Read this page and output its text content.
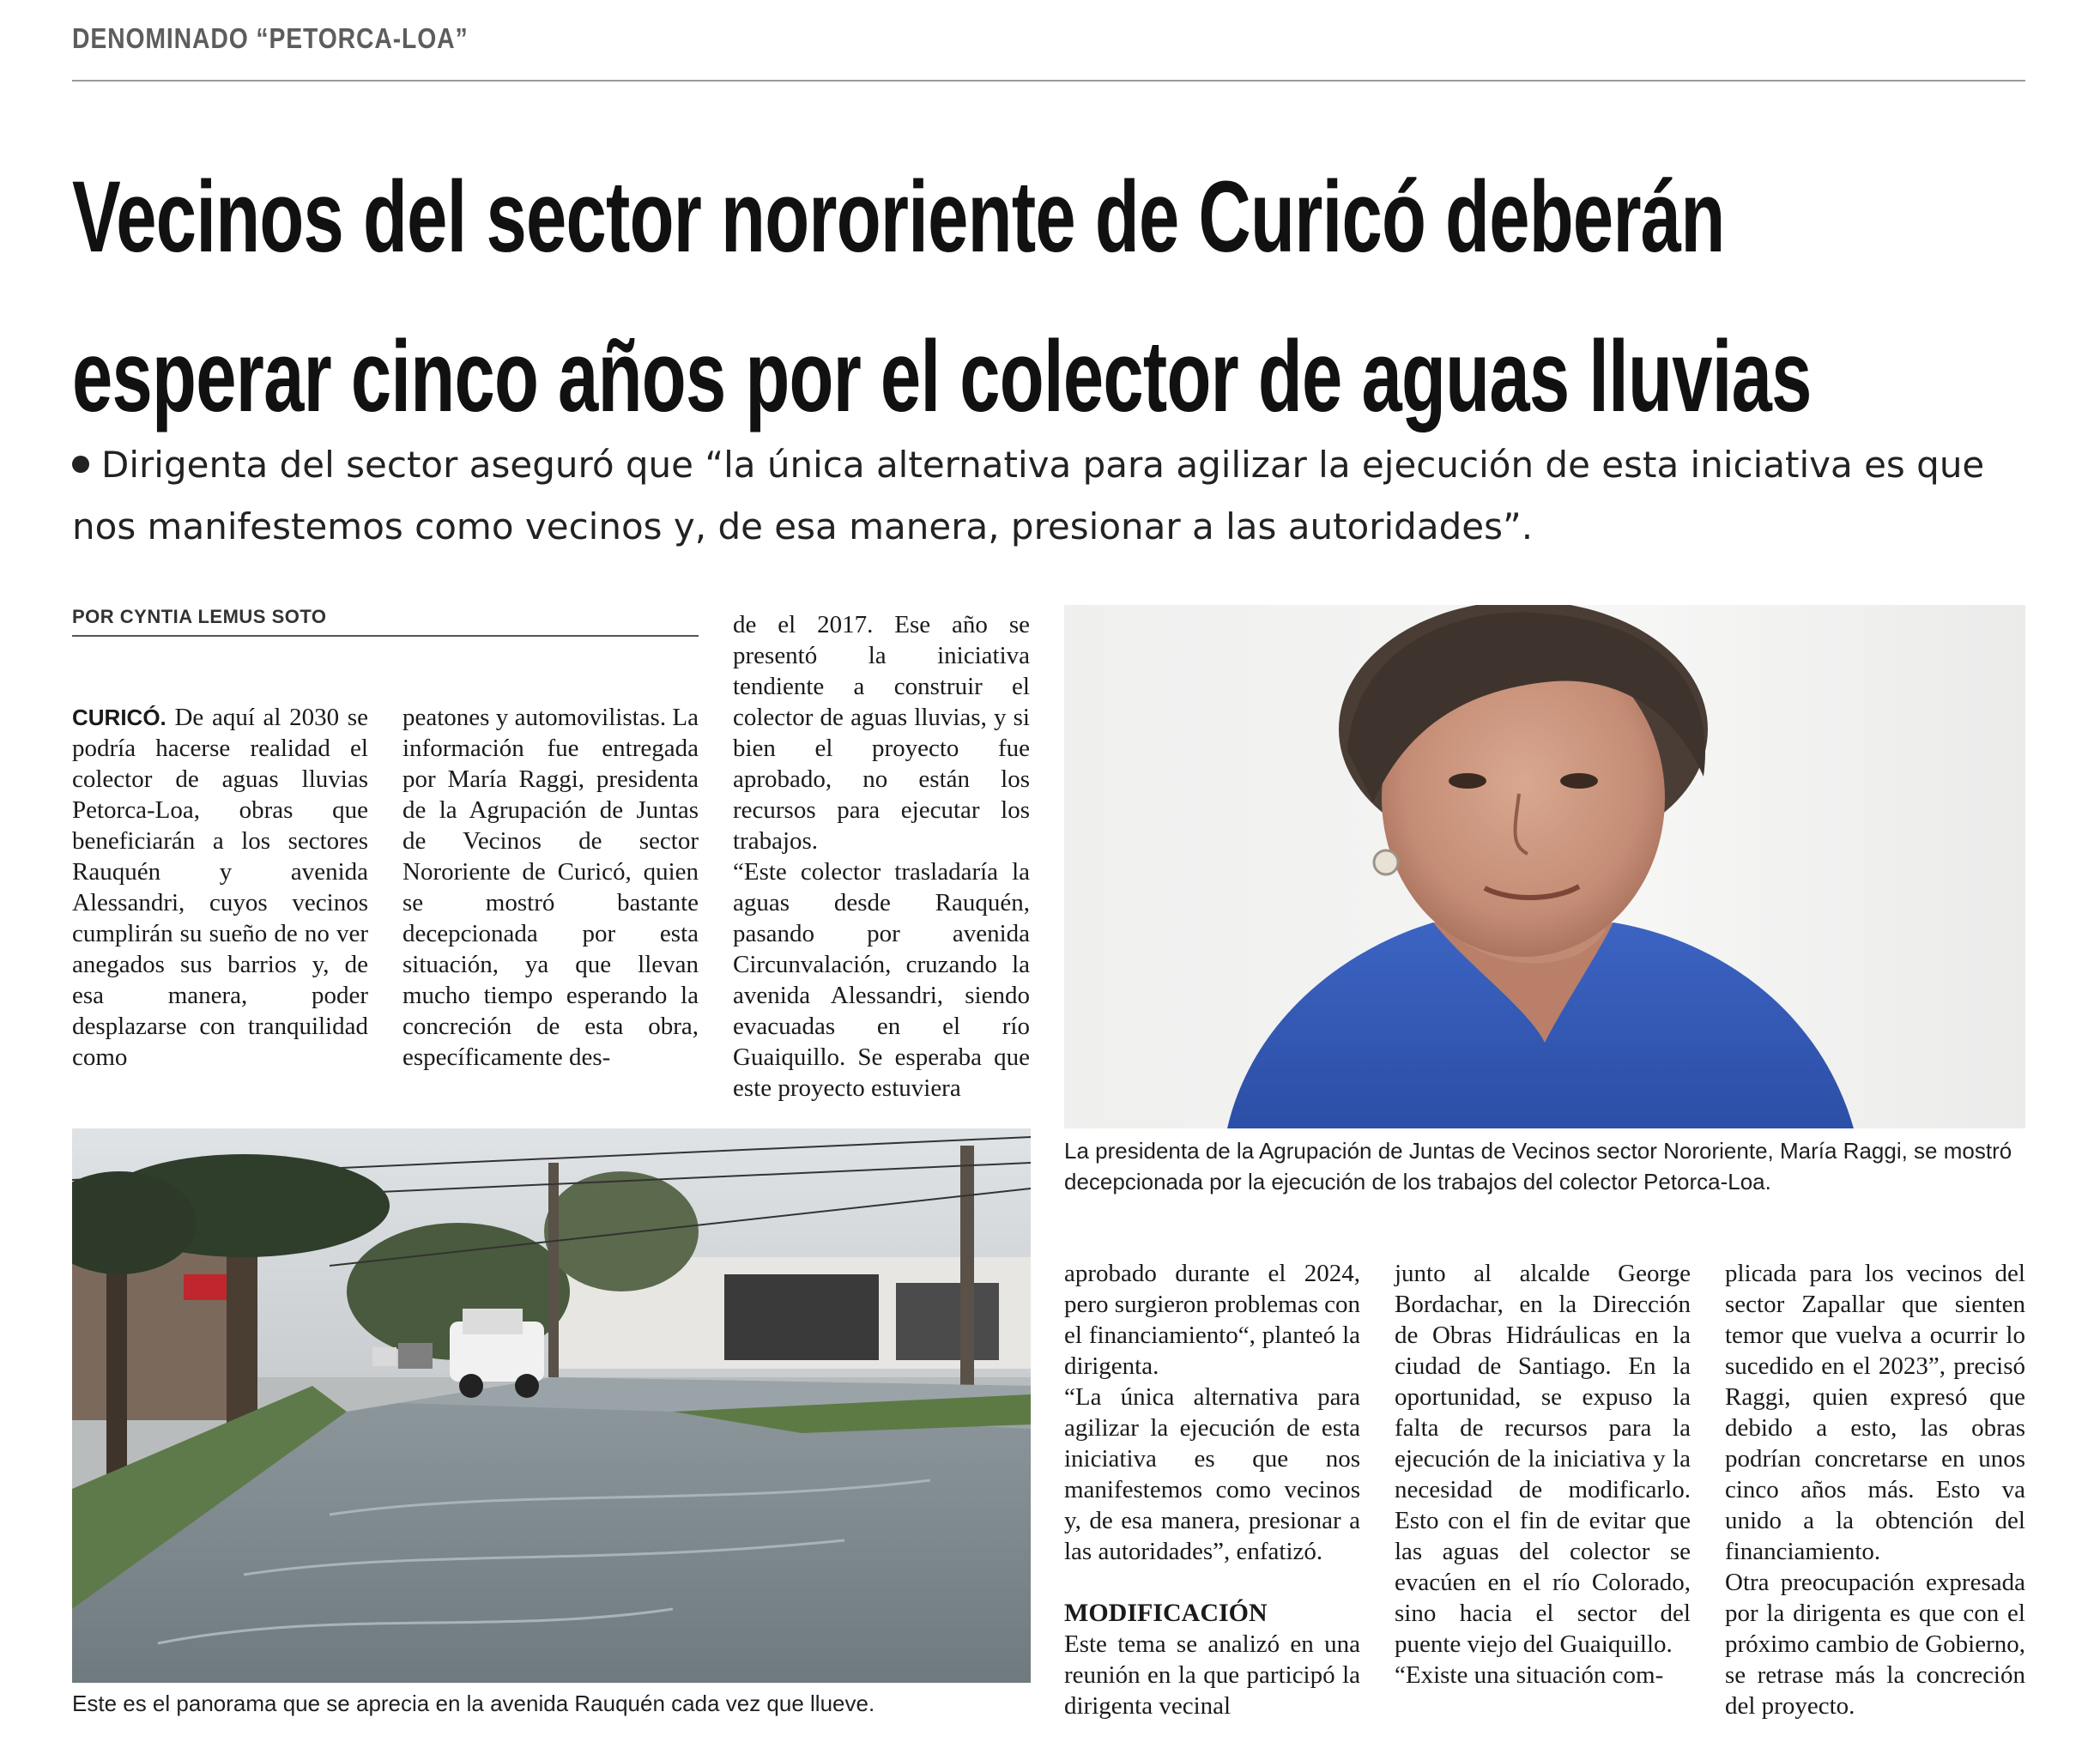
DENOMINADO “PETORCA-LOA”
Vecinos del sector nororiente de Curicó deberán
esperar cinco años por el colector de aguas lluvias
Dirigenta del sector aseguró que “la única alternativa para agilizar la ejecución de esta iniciativa es que
nos manifestemos como vecinos y, de esa manera, presionar a las autoridades”.
POR CYNTIA LEMUS SOTO

CURICÓ. De aquí al 2030 se podría hacerse realidad el colector de aguas lluvias Petorca-Loa, obras que beneficiarán a los sectores Rauquén y avenida Alessandri, cuyos vecinos cumplirán su sueño de no ver anegados sus barrios y, de esa manera, poder desplazarse con tranquilidad como

peatones y automovilistas. La información fue entregada por María Raggi, presidenta de la Agrupación de Juntas de Vecinos de sector Nororiente de Curicó, quien se mostró bastante decepcionada por esta situación, ya que llevan mucho tiempo esperando la concreción de esta obra, específicamente des-

de el 2017. Ese año se presentó la iniciativa tendiente a construir el colector de aguas lluvias, y si bien el proyecto fue aprobado, no están los recursos para ejecutar los trabajos.

“Este colector trasladaría la aguas desde Rauquén, pasando por avenida Circunvalación, cruzando la avenida Alessandri, siendo evacuadas en el río Guaiquillo. Se esperaba que este proyecto estuviera

La presidenta de la Agrupación de Juntas de Vecinos sector Nororiente, María Raggi, se mostró decepcionada por la ejecución de los trabajos del colector Petorca-Loa.
Este es el panorama que se aprecia en la avenida Rauquén cada vez que llueve.

aprobado durante el 2024, pero surgieron problemas con el financiamiento“, planteó la dirigenta.

“La única alternativa para agilizar la ejecución de esta iniciativa es que nos manifestemos como vecinos y, de esa manera, presionar a las autoridades”, enfatizó.

MODIFICACIÓN

Este tema se analizó en una reunión en la que participó la dirigenta vecinal

junto al alcalde George Bordachar, en la Dirección de Obras Hidráulicas en la ciudad de Santiago. En la oportunidad, se expuso la falta de recursos para la ejecución de la iniciativa y la necesidad de modificarlo. Esto con el fin de evitar que las aguas del colector se evacúen en el río Colorado, sino hacia el sector del puente viejo del Guaiquillo.

“Existe una situación com-

plicada para los vecinos del sector Zapallar que sienten temor que vuelva a ocurrir lo sucedido en el 2023”, precisó Raggi, quien expresó que debido a esto, las obras podrían concretarse en unos cinco años más. Esto va unido a la obtención del financiamiento.

Otra preocupación expresada por la dirigenta es que con el próximo cambio de Gobierno, se retrase más la concreción del proyecto.
